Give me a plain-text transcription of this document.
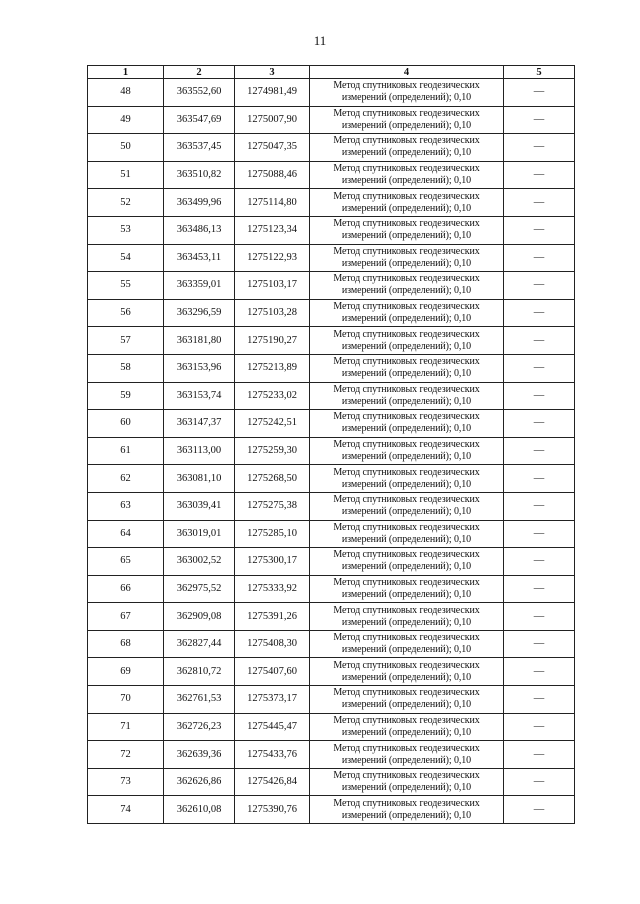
11
1	2	3	4	5
48	363552,60	1274981,49	Метод спутниковых геодезических
измерений (определений); 0,10	—
49	363547,69	1275007,90	Метод спутниковых геодезических
измерений (определений); 0,10	—
50	363537,45	1275047,35	Метод спутниковых геодезических
измерений (определений); 0,10	—
51	363510,82	1275088,46	Метод спутниковых геодезических
измерений (определений); 0,10	—
52	363499,96	1275114,80	Метод спутниковых геодезических
измерений (определений); 0,10	—
53	363486,13	1275123,34	Метод спутниковых геодезических
измерений (определений); 0,10	—
54	363453,11	1275122,93	Метод спутниковых геодезических
измерений (определений); 0,10	—
55	363359,01	1275103,17	Метод спутниковых геодезических
измерений (определений); 0,10	—
56	363296,59	1275103,28	Метод спутниковых геодезических
измерений (определений); 0,10	—
57	363181,80	1275190,27	Метод спутниковых геодезических
измерений (определений); 0,10	—
58	363153,96	1275213,89	Метод спутниковых геодезических
измерений (определений); 0,10	—
59	363153,74	1275233,02	Метод спутниковых геодезических
измерений (определений); 0,10	—
60	363147,37	1275242,51	Метод спутниковых геодезических
измерений (определений); 0,10	—
61	363113,00	1275259,30	Метод спутниковых геодезических
измерений (определений); 0,10	—
62	363081,10	1275268,50	Метод спутниковых геодезических
измерений (определений); 0,10	—
63	363039,41	1275275,38	Метод спутниковых геодезических
измерений (определений); 0,10	—
64	363019,01	1275285,10	Метод спутниковых геодезических
измерений (определений); 0,10	—
65	363002,52	1275300,17	Метод спутниковых геодезических
измерений (определений); 0,10	—
66	362975,52	1275333,92	Метод спутниковых геодезических
измерений (определений); 0,10	—
67	362909,08	1275391,26	Метод спутниковых геодезических
измерений (определений); 0,10	—
68	362827,44	1275408,30	Метод спутниковых геодезических
измерений (определений); 0,10	—
69	362810,72	1275407,60	Метод спутниковых геодезических
измерений (определений); 0,10	—
70	362761,53	1275373,17	Метод спутниковых геодезических
измерений (определений); 0,10	—
71	362726,23	1275445,47	Метод спутниковых геодезических
измерений (определений); 0,10	—
72	362639,36	1275433,76	Метод спутниковых геодезических
измерений (определений); 0,10	—
73	362626,86	1275426,84	Метод спутниковых геодезических
измерений (определений); 0,10	—
74	362610,08	1275390,76	Метод спутниковых геодезических
измерений (определений); 0,10	—
